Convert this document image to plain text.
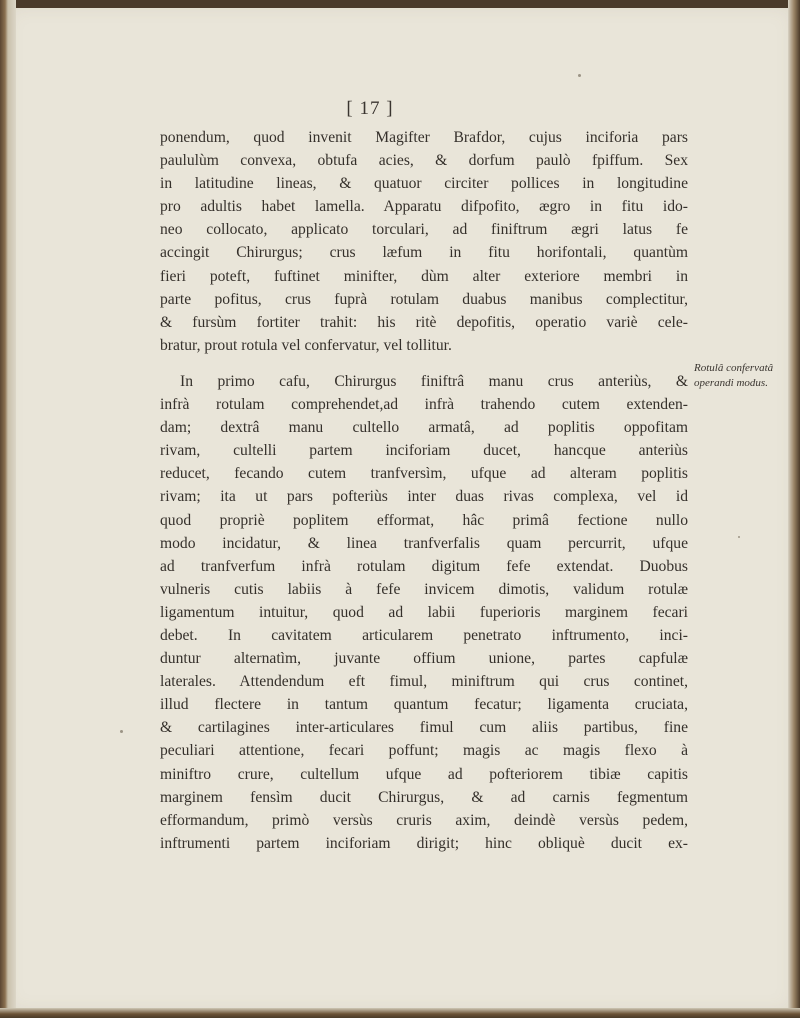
[ 17 ]

ponendum, quod invenit Magifter Brafdor, cujus inciforia pars

paululùm convexa, obtufa acies, & dorfum paulò fpiffum. Sex

in latitudine lineas, & quatuor circiter pollices in longitudine

pro adultis habet lamella. Apparatu difpofito, ægro in fitu ido-

neo collocato, applicato torculari, ad finiftrum ægri latus fe

accingit Chirurgus; crus læfum in fitu horifontali, quantùm

fieri poteft, fuftinet minifter, dùm alter exteriore membri in

parte pofitus, crus fuprà rotulam duabus manibus complectitur,

& fursùm fortiter trahit: his ritè depofitis, operatio variè cele-

bratur, prout rotula vel confervatur, vel tollitur.

In primo cafu, Chirurgus finiftrâ manu crus anteriùs, &

infrà rotulam comprehendet,ad infrà trahendo cutem extenden-

dam; dextrâ manu cultello armatâ, ad poplitis oppofitam

rivam, cultelli partem inciforiam ducet, hancque anteriùs

reducet, fecando cutem tranfversìm, ufque ad alteram poplitis

rivam; ita ut pars pofteriùs inter duas rivas complexa, vel id

quod propriè poplitem efformat, hâc primâ fectione nullo

modo incidatur, & linea tranfverfalis quam percurrit, ufque

ad tranfverfum infrà rotulam digitum fefe extendat. Duobus

vulneris cutis labiis à fefe invicem dimotis, validum rotulæ

ligamentum intuitur, quod ad labii fuperioris marginem fecari

debet. In cavitatem articularem penetrato inftrumento, inci-

duntur alternatìm, juvante offium unione, partes capfulæ

laterales. Attendendum eft fimul, miniftrum qui crus continet,

illud flectere in tantum quantum fecatur; ligamenta cruciata,

& cartilagines inter-articulares fimul cum aliis partibus, fine

peculiari attentione, fecari poffunt; magis ac magis flexo à

miniftro crure, cultellum ufque ad pofteriorem tibiæ capitis

marginem fensìm ducit Chirurgus, & ad carnis fegmentum

efformandum, primò versùs cruris axim, deindè versùs pedem,

inftrumenti partem inciforiam dirigit; hinc obliquè ducit ex-

Rotulâ confervatâ
operandi modus.
